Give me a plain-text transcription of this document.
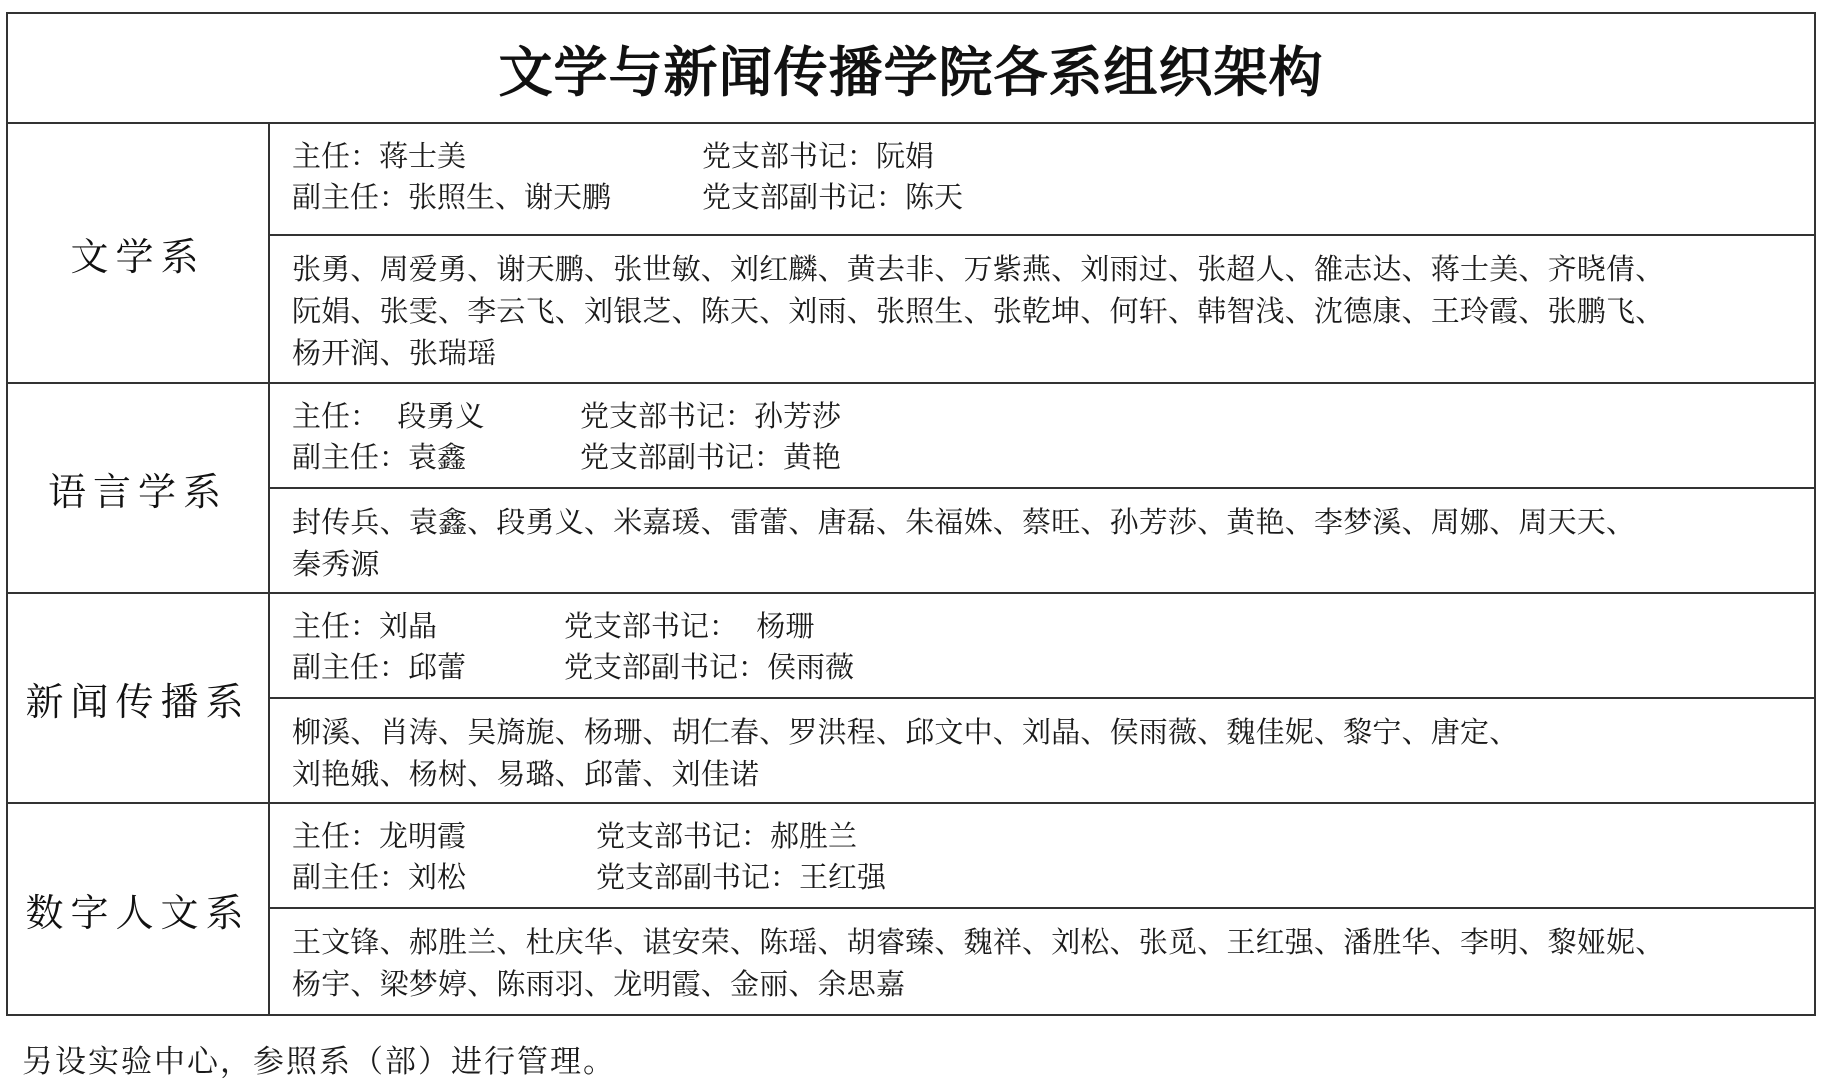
文学与新闻传播学院各系组织架构
文学系
主任：蒋士美	党支部书记：阮娟
副主任：张照生、谢天鹏	党支部副书记：陈天
张勇、周爱勇、谢天鹏、张世敏、刘红麟、黄去非、万紫燕、刘雨过、张超人、雒志达、蒋士美、齐晓倩、
阮娟、张雯、李云飞、刘银芝、陈天、刘雨、张照生、张乾坤、何轩、韩智浅、沈德康、王玲霞、张鹏飞、
杨开润、张瑞瑶
语言学系
主任：  段勇义	党支部书记：孙芳莎
副主任：袁鑫	党支部副书记：黄艳
封传兵、袁鑫、段勇义、米嘉瑗、雷蕾、唐磊、朱福姝、蔡旺、孙芳莎、黄艳、李梦溪、周娜、周天天、
秦秀源
新闻传播系
主任：刘晶	党支部书记：  杨珊
副主任：邱蕾	党支部副书记：侯雨薇
柳溪、肖涛、吴旖旎、杨珊、胡仁春、罗洪程、邱文中、刘晶、侯雨薇、魏佳妮、黎宁、唐定、
刘艳娥、杨树、易璐、邱蕾、刘佳诺
数字人文系
主任：龙明霞	党支部书记：郝胜兰
副主任：刘松	党支部副书记：王红强
王文锋、郝胜兰、杜庆华、谌安荣、陈瑶、胡睿臻、魏祥、刘松、张觅、王红强、潘胜华、李明、黎娅妮、
杨宇、梁梦婷、陈雨羽、龙明霞、金丽、余思嘉
另设实验中心，参照系（部）进行管理。
